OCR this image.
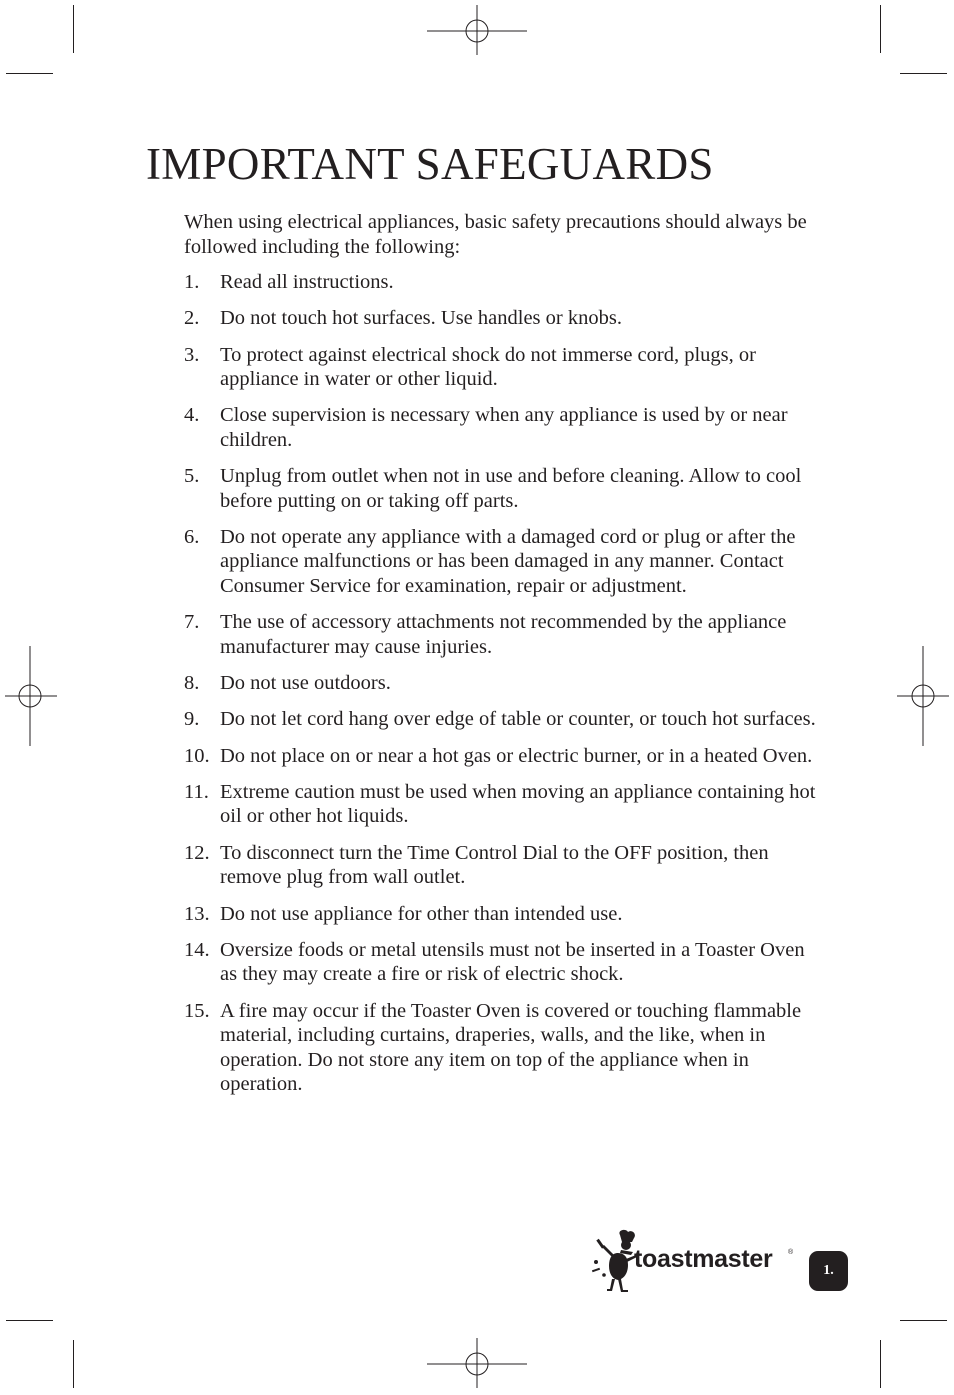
IMPORTANT SAFEGUARDS

When using electrical appliances, basic safety precautions should always be followed including the following:

1. Read all instructions.
2. Do not touch hot surfaces. Use handles or knobs.
3. To protect against electrical shock do not immerse cord, plugs, or appliance in water or other liquid.
4. Close supervision is necessary when any appliance is used by or near children.
5. Unplug from outlet when not in use and before cleaning. Allow to cool before putting on or taking off parts.
6. Do not operate any appliance with a damaged cord or plug or after the appliance malfunctions or has been damaged in any manner. Contact Consumer Service for examination, repair or adjustment.
7. The use of accessory attachments not recommended by the appliance manufacturer may cause injuries.
8. Do not use outdoors.
9. Do not let cord hang over edge of table or counter, or touch hot surfaces.
10. Do not place on or near a hot gas or electric burner, or in a heated Oven.
11. Extreme caution must be used when moving an appliance containing hot oil or other hot liquids.
12. To disconnect turn the Time Control Dial to the OFF position, then remove plug from wall outlet.
13. Do not use appliance for other than intended use.
14. Oversize foods or metal utensils must not be inserted in a Toaster Oven as they may create a fire or risk of electric shock.
15. A fire may occur if the Toaster Oven is covered or touching flammable material, including curtains, draperies, walls, and the like, when in operation. Do not store any item on top of the appliance when in operation.
toastmaster ®
1.
